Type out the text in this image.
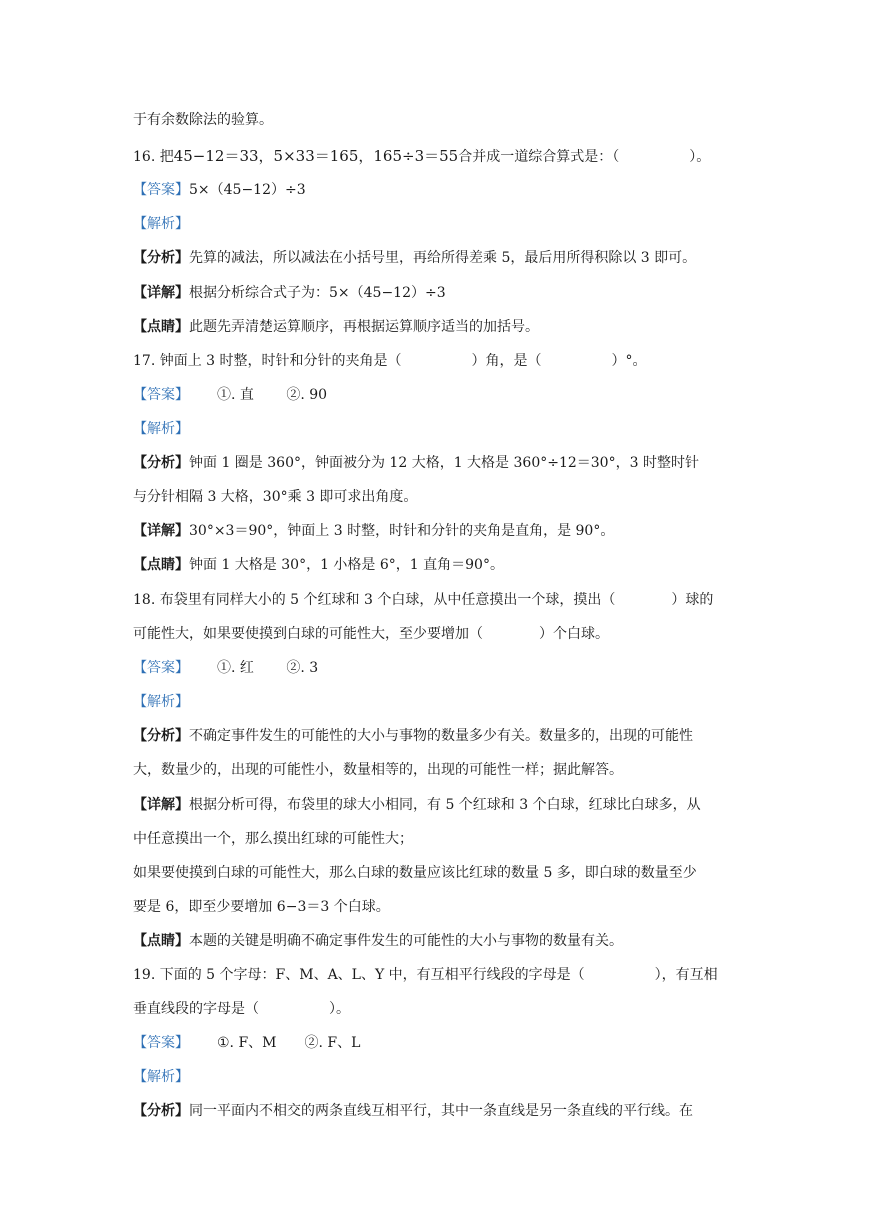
于有余数除法的验算。
16. 把45−12＝33，5×33＝165，165÷3＝55合并成一道综合算式是：（　　　　　）。
【答案】5×（45−12）÷3
【解析】
【分析】先算的减法，所以减法在小括号里，再给所得差乘 5，最后用所得积除以 3 即可。
【详解】根据分析综合式子为：5×（45−12）÷3
【点睛】此题先弄清楚运算顺序，再根据运算顺序适当的加括号。
17. 钟面上 3 时整，时针和分针的夹角是（　　　　　）角，是（　　　　　）°。
【答案】 ①. 直　　 ②. 90
【解析】
【分析】钟面 1 圈是 360°，钟面被分为 12 大格，1 大格是 360°÷12＝30°，3 时整时针
与分针相隔 3 大格，30°乘 3 即可求出角度。
【详解】30°×3＝90°，钟面上 3 时整，时针和分针的夹角是直角，是 90°。
【点睛】钟面 1 大格是 30°，1 小格是 6°，1 直角＝90°。
18. 布袋里有同样大小的 5 个红球和 3 个白球，从中任意摸出一个球，摸出（　　　　）球的
可能性大，如果要使摸到白球的可能性大，至少要增加（　　　　）个白球。
【答案】 ①. 红　　 ②. 3
【解析】
【分析】不确定事件发生的可能性的大小与事物的数量多少有关。数量多的，出现的可能性
大，数量少的，出现的可能性小，数量相等的，出现的可能性一样；据此解答。
【详解】根据分析可得，布袋里的球大小相同，有 5 个红球和 3 个白球，红球比白球多，从
中任意摸出一个，那么摸出红球的可能性大；
如果要使摸到白球的可能性大，那么白球的数量应该比红球的数量 5 多，即白球的数量至少
要是 6，即至少要增加 6−3＝3 个白球。
【点睛】本题的关键是明确不确定事件发生的可能性的大小与事物的数量有关。
19. 下面的 5 个字母：F、M、A、L、Y 中，有互相平行线段的字母是（　　　　　），有互相
垂直线段的字母是（　　　　　）。
【答案】 ①. F、M　　②. F、L
【解析】
【分析】同一平面内不相交的两条直线互相平行，其中一条直线是另一条直线的平行线。在
